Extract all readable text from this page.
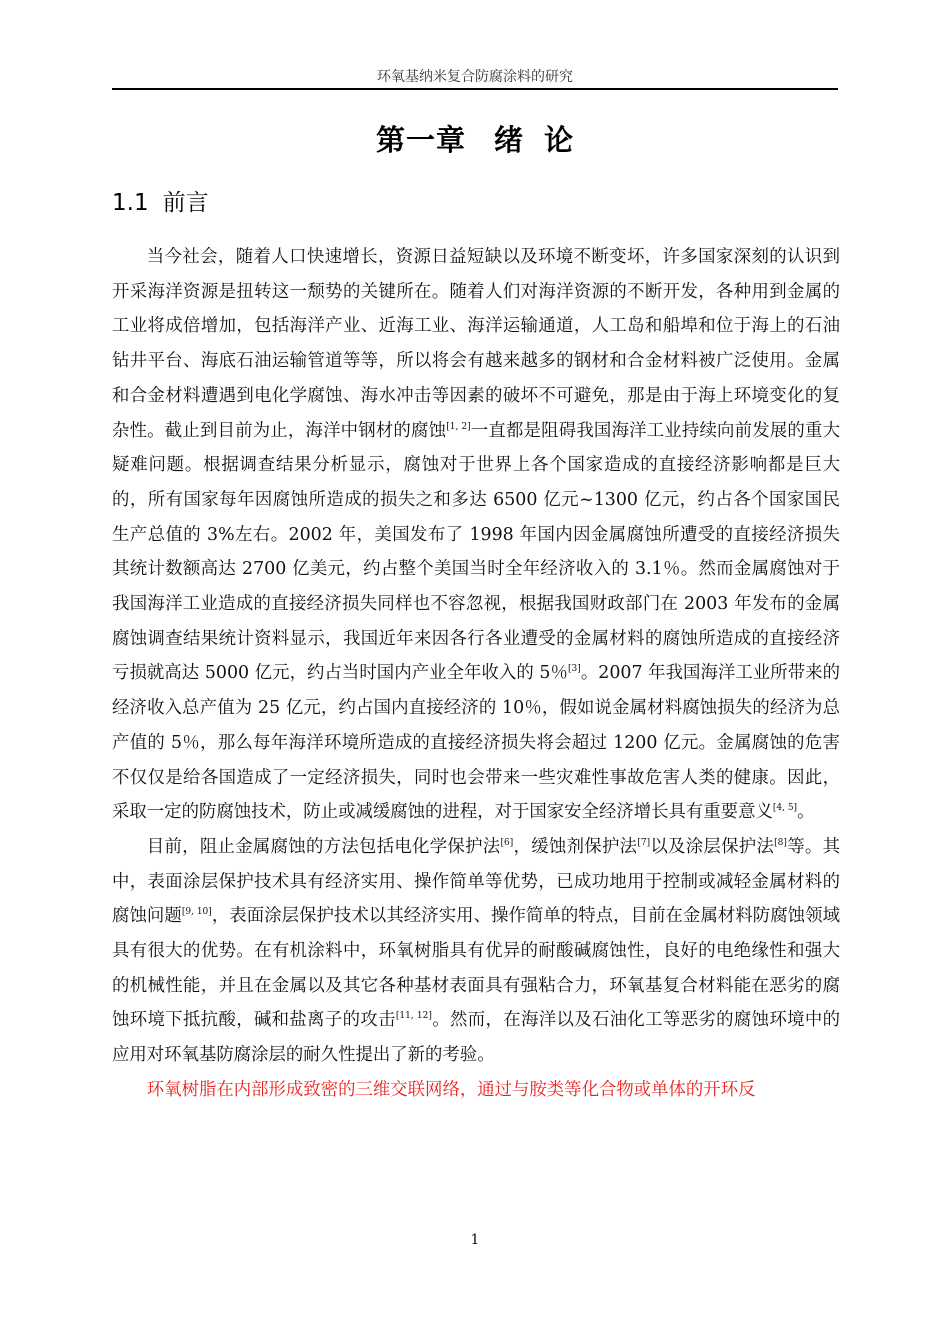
环氧基纳米复合防腐涂料的研究
第一章 绪 论
1.1 前言

当今社会，随着人口快速增长，资源日益短缺以及环境不断变坏，许多国家深刻的认识到开采海洋资源是扭转这一颓势的关键所在。随着人们对海洋资源的不断开发，各种用到金属的工业将成倍增加，包括海洋产业、近海工业、海洋运输通道，人工岛和船埠和位于海上的石油钻井平台、海底石油运输管道等等，所以将会有越来越多的钢材和合金材料被广泛使用。金属和合金材料遭遇到电化学腐蚀、海水冲击等因素的破坏不可避免，那是由于海上环境变化的复杂性。截止到目前为止，海洋中钢材的腐蚀[1, 2]一直都是阻碍我国海洋工业持续向前发展的重大疑难问题。根据调查结果分析显示，腐蚀对于世界上各个国家造成的直接经济影响都是巨大的，所有国家每年因腐蚀所造成的损失之和多达 6500 亿元~1300 亿元，约占各个国家国民生产总值的 3%左右。2002 年，美国发布了 1998 年国内因金属腐蚀所遭受的直接经济损失其统计数额高达 2700 亿美元，约占整个美国当时全年经济收入的 3.1％。然而金属腐蚀对于我国海洋工业造成的直接经济损失同样也不容忽视，根据我国财政部门在 2003 年发布的金属腐蚀调查结果统计资料显示，我国近年来因各行各业遭受的金属材料的腐蚀所造成的直接经济亏损就高达 5000 亿元，约占当时国内产业全年收入的 5％[3]。2007 年我国海洋工业所带来的经济收入总产值为 25 亿元，约占国内直接经济的 10％，假如说金属材料腐蚀损失的经济为总产值的 5％，那么每年海洋环境所造成的直接经济损失将会超过 1200 亿元。金属腐蚀的危害不仅仅是给各国造成了一定经济损失，同时也会带来一些灾难性事故危害人类的健康。因此，采取一定的防腐蚀技术，防止或减缓腐蚀的进程，对于国家安全经济增长具有重要意义[4, 5]。

目前，阻止金属腐蚀的方法包括电化学保护法[6]，缓蚀剂保护法[7]以及涂层保护法[8]等。其中，表面涂层保护技术具有经济实用、操作简单等优势，已成功地用于控制或减轻金属材料的腐蚀问题[9, 10]，表面涂层保护技术以其经济实用、操作简单的特点，目前在金属材料防腐蚀领域具有很大的优势。在有机涂料中，环氧树脂具有优异的耐酸碱腐蚀性，良好的电绝缘性和强大的机械性能，并且在金属以及其它各种基材表面具有强粘合力，环氧基复合材料能在恶劣的腐蚀环境下抵抗酸，碱和盐离子的攻击[11, 12]。然而，在海洋以及石油化工等恶劣的腐蚀环境中的应用对环氧基防腐涂层的耐久性提出了新的考验。

环氧树脂在内部形成致密的三维交联网络，通过与胺类等化合物或单体的开环反

1
